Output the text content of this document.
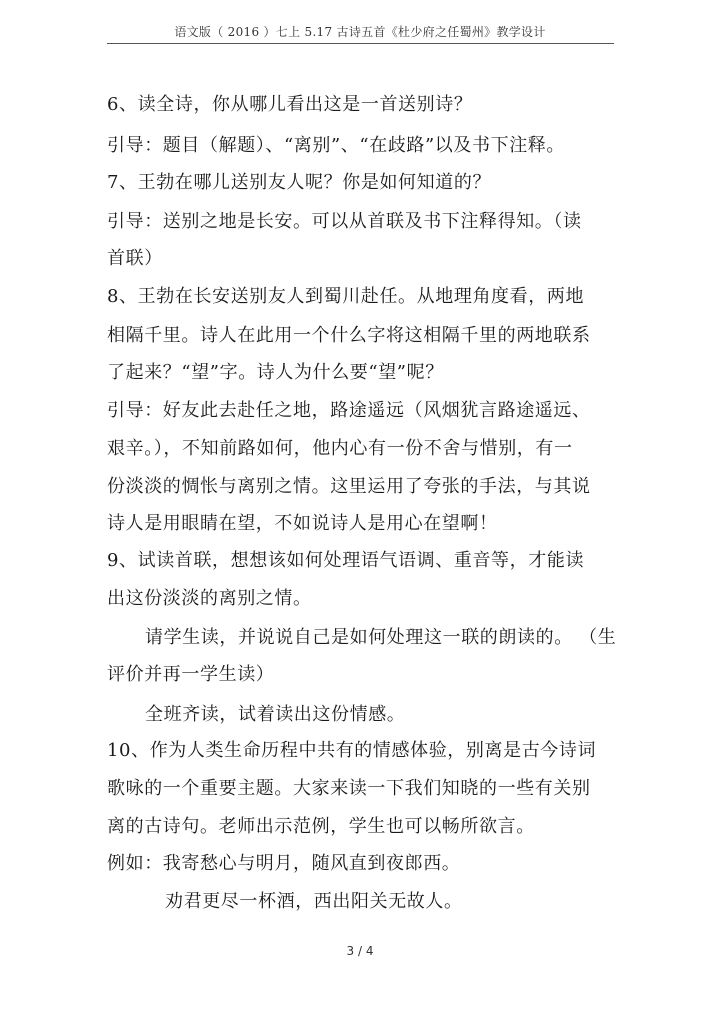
语文版（ 2016 ）七上 5.17 古诗五首《杜少府之任蜀州》教学设计
6、读全诗，你从哪儿看出这是一首送别诗？
引导：题目（解题）、“离别”、“在歧路”以及书下注释。
7、王勃在哪儿送别友人呢？你是如何知道的？
引导：送别之地是长安。可以从首联及书下注释得知。（读
首联）
8、王勃在长安送别友人到蜀川赴任。从地理角度看，两地
相隔千里。诗人在此用一个什么字将这相隔千里的两地联系
了起来？“望”字。诗人为什么要“望”呢？
引导：好友此去赴任之地，路途遥远（风烟犹言路途遥远、
艰辛。），不知前路如何，他内心有一份不舍与惜别，有一
份淡淡的惆怅与离别之情。这里运用了夸张的手法，与其说
诗人是用眼睛在望，不如说诗人是用心在望啊！
9、试读首联，想想该如何处理语气语调、重音等，才能读
出这份淡淡的离别之情。
请学生读，并说说自己是如何处理这一联的朗读的。 （生
评价并再一学生读）
全班齐读，试着读出这份情感。
10、作为人类生命历程中共有的情感体验，别离是古今诗词
歌咏的一个重要主题。大家来读一下我们知晓的一些有关别
离的古诗句。老师出示范例，学生也可以畅所欲言。
例如：我寄愁心与明月，随风直到夜郎西。
劝君更尽一杯酒，西出阳关无故人。
3 / 4
